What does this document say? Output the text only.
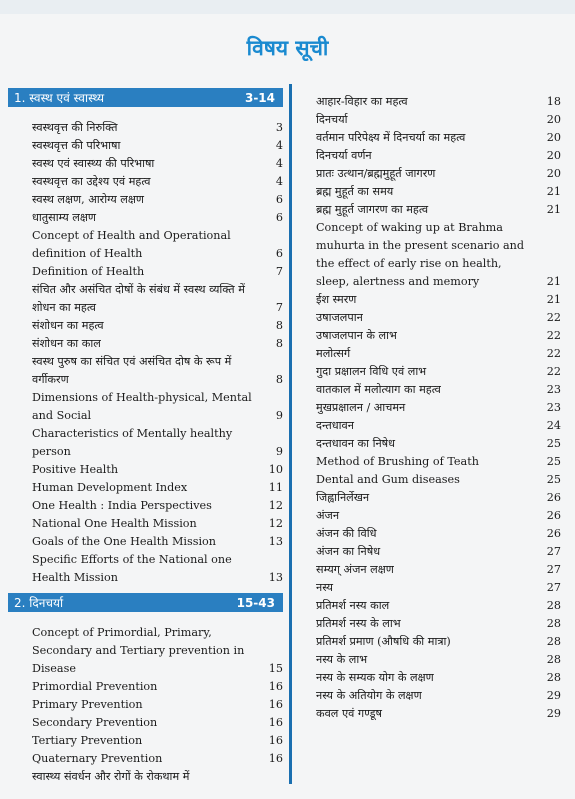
विषय सूची
1. स्वस्थ एवं स्वास्थ्य	3-14
स्वस्थवृत्त की निरुक्ति	3
स्वस्थवृत्त की परिभाषा	4
स्वस्थ एवं स्वास्थ्य की परिभाषा	4
स्वस्थवृत्त का उद्देश्य एवं महत्व	4
स्वस्थ लक्षण, आरोग्य लक्षण	6
धातुसाम्य लक्षण	6
Concept of Health and Operational definition of Health	6
Definition of Health	7
संचित और असंचित दोषों के संबंध में स्वस्थ व्यक्ति में शोधन का महत्व	7
संशोधन का महत्व	8
संशोधन का काल	8
स्वस्थ पुरुष का संचित एवं असंचित दोष के रूप में वर्गीकरण	8
Dimensions of Health-physical, Mental and Social	9
Characteristics of Mentally healthy person	9
Positive Health	10
Human Development Index	11
One Health : India Perspectives	12
National One Health Mission	12
Goals of the One Health Mission	13
Specific Efforts of the National one Health Mission	13
2. दिनचर्या	15-43
Concept of Primordial, Primary, Secondary and Tertiary prevention in Disease	15
Primordial Prevention	16
Primary Prevention	16
Secondary Prevention	16
Tertiary Prevention	16
Quaternary Prevention	16
स्वास्थ्य संवर्धन और रोगों के रोकथाम में
आहार-विहार का महत्व	18
दिनचर्या	20
वर्तमान परिपेक्ष्य में दिनचर्या का महत्व	20
दिनचर्या वर्णन	20
प्रातः उत्थान/ब्रह्ममुहूर्त जागरण	20
ब्रह्म मुहूर्त का समय	21
ब्रह्म मुहूर्त जागरण का महत्व	21
Concept of waking up at Brahma muhurta in the present scenario and the effect of early rise on health, sleep, alertness and memory	21
ईश स्मरण	21
उषाजलपान	22
उषाजलपान के लाभ	22
मलोत्सर्ग	22
गुदा प्रक्षालन विधि एवं लाभ	22
वातकाल में मलोत्याग का महत्व	23
मुखप्रक्षालन / आचमन	23
दन्तधावन	24
दन्तधावन का निषेध	25
Method of Brushing of Teath	25
Dental and Gum diseases	25
जिह्वानिर्लेखन	26
अंजन	26
अंजन की विधि	26
अंजन का निषेध	27
सम्यग् अंजन लक्षण	27
नस्य	27
प्रतिमर्श नस्य काल	28
प्रतिमर्श नस्य के लाभ	28
प्रतिमर्श प्रमाण (औषधि की मात्रा)	28
नस्य के लाभ	28
नस्य के सम्यक योग के लक्षण	28
नस्य के अतियोग के लक्षण	29
कवल एवं गण्डूष	29
